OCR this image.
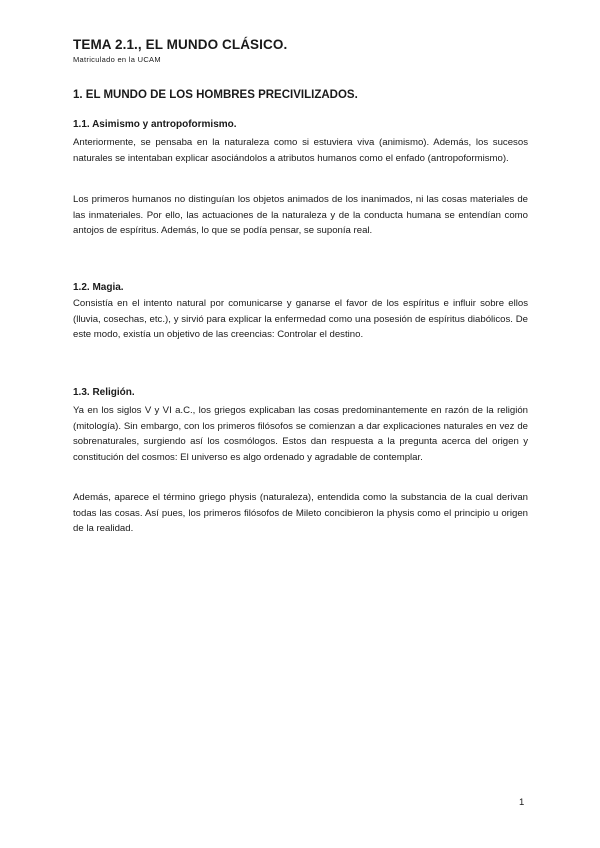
TEMA 2.1., EL MUNDO CLÁSICO.
Matriculado en la UCAM
1. EL MUNDO DE LOS HOMBRES PRECIVILIZADOS.
1.1. Asimismo y antropoformismo.

Anteriormente, se pensaba en la naturaleza como si estuviera viva (animismo). Además, los sucesos naturales se intentaban explicar asociándolos a atributos humanos como el enfado (antropoformismo).

Los primeros humanos no distinguían los objetos animados de los inanimados, ni las cosas materiales de las inmateriales. Por ello, las actuaciones de la naturaleza y de la conducta humana se entendían como antojos de espíritus. Además, lo que se podía pensar, se suponía real.

1.2. Magia.

Consistía en el intento natural por comunicarse y ganarse el favor de los espíritus e influir sobre ellos (lluvia, cosechas, etc.), y sirvió para explicar la enfermedad como una posesión de espíritus diabólicos. De este modo, existía un objetivo de las creencias: Controlar el destino.

1.3. Religión.

Ya en los siglos V y VI a.C., los griegos explicaban las cosas predominantemente en razón de la religión (mitología). Sin embargo, con los primeros filósofos se comienzan a dar explicaciones naturales en vez de sobrenaturales, surgiendo así los cosmólogos. Estos dan respuesta a la pregunta acerca del origen y constitución del cosmos: El universo es algo ordenado y agradable de contemplar.

Además, aparece el término griego physis (naturaleza), entendida como la substancia de la cual derivan todas las cosas. Así pues, los primeros filósofos de Mileto concibieron la physis como el principio u origen de la realidad.

1
